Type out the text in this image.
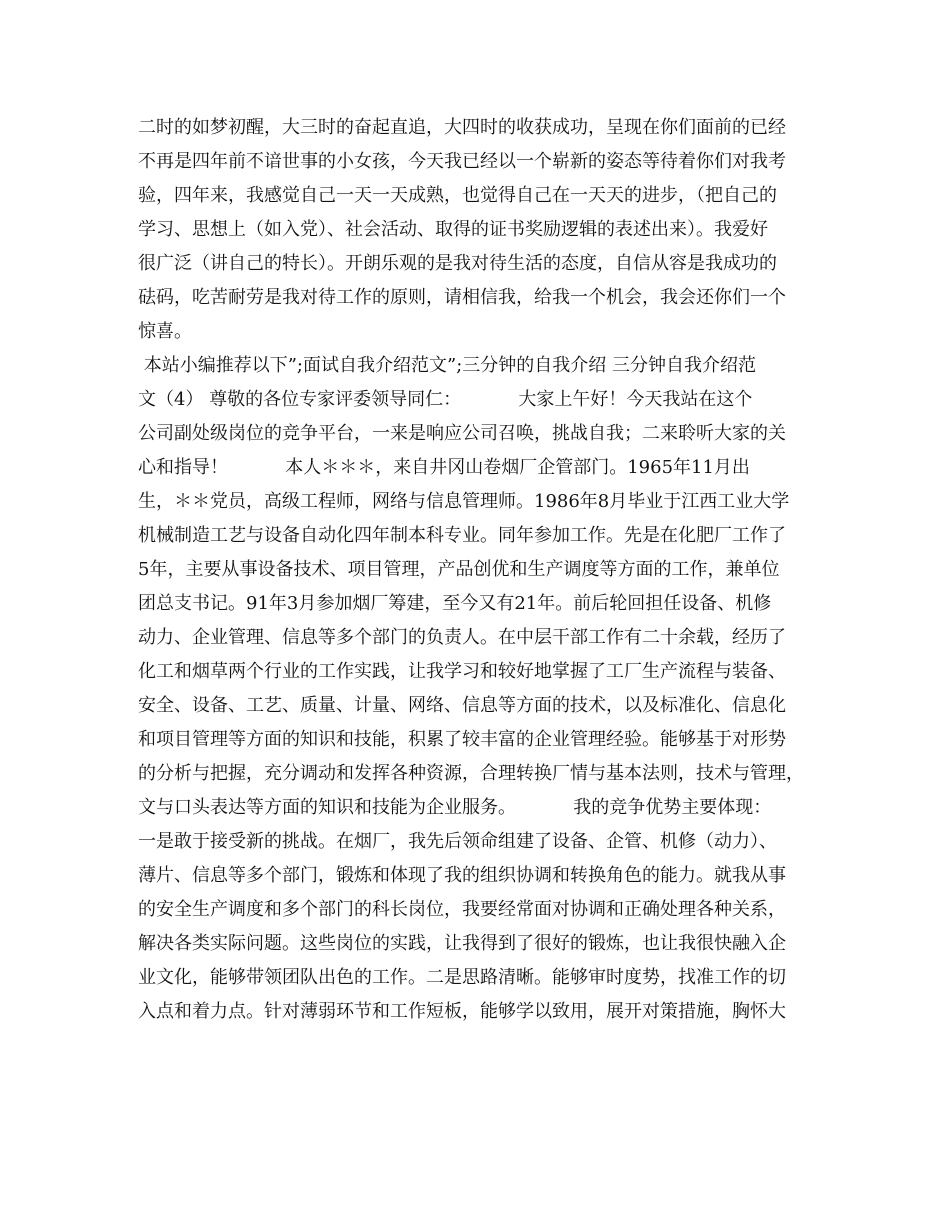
二时的如梦初醒，大三时的奋起直追，大四时的收获成功，呈现在你们面前的已经
不再是四年前不谙世事的小女孩，今天我已经以一个崭新的姿态等待着你们对我考
验，四年来，我感觉自己一天一天成熟，也觉得自己在一天天的进步，（把自己的
学习、思想上（如入党）、社会活动、取得的证书奖励逻辑的表述出来）。我爱好
很广泛（讲自己的特长）。开朗乐观的是我对待生活的态度，自信从容是我成功的
砝码，吃苦耐劳是我对待工作的原则，请相信我，给我一个机会，我会还你们一个
惊喜。
本站小编推荐以下”;面试自我介绍范文”;三分钟的自我介绍 三分钟自我介绍范
文（4） 尊敬的各位专家评委领导同仁：          大家上午好！今天我站在这个
公司副处级岗位的竞争平台，一来是响应公司召唤，挑战自我；二来聆听大家的关
心和指导！          本人＊＊＊，来自井冈山卷烟厂企管部门。1965年11月出
生，＊＊党员，高级工程师，网络与信息管理师。1986年8月毕业于江西工业大学
机械制造工艺与设备自动化四年制本科专业。同年参加工作。先是在化肥厂工作了
5年，主要从事设备技术、项目管理，产品创优和生产调度等方面的工作，兼单位
团总支书记。91年3月参加烟厂筹建，至今又有21年。前后轮回担任设备、机修
动力、企业管理、信息等多个部门的负责人。在中层干部工作有二十余载，经历了
化工和烟草两个行业的工作实践，让我学习和较好地掌握了工厂生产流程与装备、
安全、设备、工艺、质量、计量、网络、信息等方面的技术，以及标准化、信息化
和项目管理等方面的知识和技能，积累了较丰富的企业管理经验。能够基于对形势
的分析与把握，充分调动和发挥各种资源，合理转换厂情与基本法则，技术与管理，
文与口头表达等方面的知识和技能为企业服务。          我的竞争优势主要体现：
一是敢于接受新的挑战。在烟厂，我先后领命组建了设备、企管、机修（动力）、
薄片、信息等多个部门，锻炼和体现了我的组织协调和转换角色的能力。就我从事
的安全生产调度和多个部门的科长岗位，我要经常面对协调和正确处理各种关系，
解决各类实际问题。这些岗位的实践，让我得到了很好的锻炼，也让我很快融入企
业文化，能够带领团队出色的工作。二是思路清晰。能够审时度势，找准工作的切
入点和着力点。针对薄弱环节和工作短板，能够学以致用，展开对策措施，胸怀大
